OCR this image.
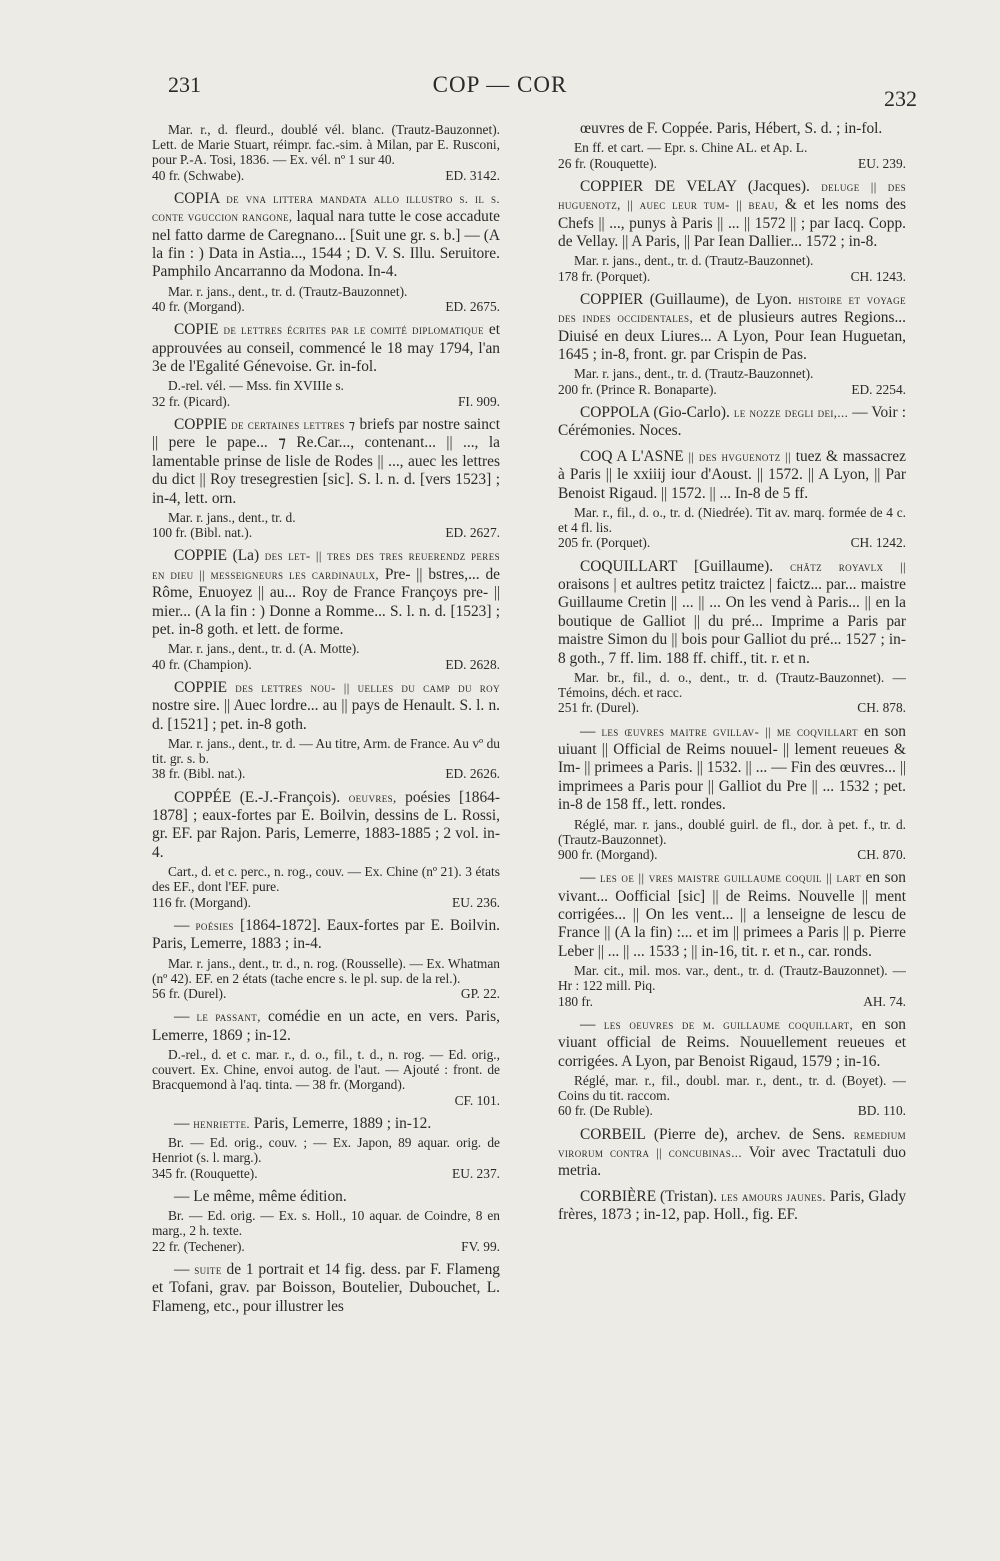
231	COP — COR
232

Mar. r., d. fleurd., doublé vél. blanc. (Trautz-Bauzonnet). Lett. de Marie Stuart, réimpr. fac.-sim. à Milan, par E. Rusconi, pour P.-A. Tosi, 1836. — Ex. vél. nº 1 sur 40.

40 fr. (Schwabe).	ED. 3142.

COPIA de vna littera mandata allo illustro s. il s. conte vguccion rangone, laqual nara tutte le cose accadute nel fatto darme de Caregnano... [Suit une gr. s. b.] — (A la fin : ) Data in Astia..., 1544 ; D. V. S. Illu. Seruitore. Pamphilo Ancarranno da Modona. In-4.

Mar. r. jans., dent., tr. d. (Trautz-Bauzonnet).

40 fr. (Morgand).	ED. 2675.

COPIE de lettres écrites par le comité diplomatique et approuvées au conseil, commencé le 18 may 1794, l'an 3e de l'Egalité Génevoise. Gr. in-fol.

D.-rel. vél. — Mss. fin XVIIIe s.

32 fr. (Picard).	FI. 909.

COPPIE de certaines lettres ⁊ briefs par nostre sainct || pere le pape... ⁊ Re.Car..., contenant... || ..., la lamentable prinse de lisle de Rodes || ..., auec les lettres du dict || Roy tresegrestien [sic]. S. l. n. d. [vers 1523] ; in-4, lett. orn.

Mar. r. jans., dent., tr. d.

100 fr. (Bibl. nat.).	ED. 2627.

COPPIE (La) des let- || tres des tres reuerendz peres en dieu || messeigneurs les cardinaulx, Pre- || bstres,... de Rôme, Enuoyez || au... Roy de France Françoys pre- || mier... (A la fin : ) Donne a Romme... S. l. n. d. [1523] ; pet. in-8 goth. et lett. de forme.

Mar. r. jans., dent., tr. d. (A. Motte).

40 fr. (Champion).	ED. 2628.

COPPIE des lettres nou- || uelles du camp du roy nostre sire. || Auec lordre... au || pays de Henault. S. l. n. d. [1521] ; pet. in-8 goth.

Mar. r. jans., dent., tr. d. — Au titre, Arm. de France. Au vº du tit. gr. s. b.

38 fr. (Bibl. nat.).	ED. 2626.

COPPÉE (E.-J.-François). oeuvres, poésies [1864-1878] ; eaux-fortes par E. Boilvin, dessins de L. Rossi, gr. EF. par Rajon. Paris, Lemerre, 1883-1885 ; 2 vol. in-4.

Cart., d. et c. perc., n. rog., couv. — Ex. Chine (nº 21). 3 états des EF., dont l'EF. pure.

116 fr. (Morgand).	EU. 236.

— poésies [1864-1872]. Eaux-fortes par E. Boilvin. Paris, Lemerre, 1883 ; in-4.

Mar. r. jans., dent., tr. d., n. rog. (Rousselle). — Ex. Whatman (nº 42). EF. en 2 états (tache encre s. le pl. sup. de la rel.).

56 fr. (Durel).	GP. 22.

— le passant, comédie en un acte, en vers. Paris, Lemerre, 1869 ; in-12.

D.-rel., d. et c. mar. r., d. o., fil., t. d., n. rog. — Ed. orig., couvert. Ex. Chine, envoi autog. de l'aut. — Ajouté : front. de Bracquemond à l'aq. tinta. — 38 fr. (Morgand).

CF. 101.

— henriette. Paris, Lemerre, 1889 ; in-12.

Br. — Ed. orig., couv. ; — Ex. Japon, 89 aquar. orig. de Henriot (s. l. marg.).

345 fr. (Rouquette).	EU. 237.

— Le même, même édition.

Br. — Ed. orig. — Ex. s. Holl., 10 aquar. de Coindre, 8 en marg., 2 h. texte.

22 fr. (Techener).	FV. 99.

— suite de 1 portrait et 14 fig. dess. par F. Flameng et Tofani, grav. par Boisson, Boutelier, Dubouchet, L. Flameng, etc., pour illustrer les

œuvres de F. Coppée. Paris, Hébert, S. d. ; in-fol.

En ff. et cart. — Epr. s. Chine AL. et Ap. L.

26 fr. (Rouquette).	EU. 239.

COPPIER DE VELAY (Jacques). deluge || des huguenotz, || auec leur tum- || beau, & et les noms des Chefs || ..., punys à Paris || ... || 1572 || ; par Iacq. Copp. de Vellay. || A Paris, || Par Iean Dallier... 1572 ; in-8.

Mar. r. jans., dent., tr. d. (Trautz-Bauzonnet).

178 fr. (Porquet).	CH. 1243.

COPPIER (Guillaume), de Lyon. histoire et voyage des indes occidentales, et de plusieurs autres Regions... Diuisé en deux Liures... A Lyon, Pour Iean Huguetan, 1645 ; in-8, front. gr. par Crispin de Pas.

Mar. r. jans., dent., tr. d. (Trautz-Bauzonnet).

200 fr. (Prince R. Bonaparte).	ED. 2254.

COPPOLA (Gio-Carlo). le nozze degli dei,... — Voir : Cérémonies. Noces.

COQ A L'ASNE || des hvguenotz || tuez & massacrez à Paris || le xxiiij iour d'Aoust. || 1572. || A Lyon, || Par Benoist Rigaud. || 1572. || ... In-8 de 5 ff.

Mar. r., fil., d. o., tr. d. (Niedrée). Tit av. marq. formée de 4 c. et 4 fl. lis.

205 fr. (Porquet).	CH. 1242.

COQUILLART [Guillaume). chãtz royavlx || oraisons | et aultres petitz traictez | faictz... par... maistre Guillaume Cretin || ... || ... On les vend à Paris... || en la boutique de Galliot || du pré... Imprime a Paris par maistre Simon du || bois pour Galliot du pré... 1527 ; in-8 goth., 7 ff. lim. 188 ff. chiff., tit. r. et n.

Mar. br., fil., d. o., dent., tr. d. (Trautz-Bauzonnet). — Témoins, déch. et racc.

251 fr. (Durel).	CH. 878.

— les œuvres maitre gvillav- || me coqvillart en son uiuant || Official de Reims nouuel- || lement reueues & Im- || primees a Paris. || 1532. || ... — Fin des œuvres... || imprimees a Paris pour || Galliot du Pre || ... 1532 ; pet. in-8 de 158 ff., lett. rondes.

Réglé, mar. r. jans., doublé guirl. de fl., dor. à pet. f., tr. d. (Trautz-Bauzonnet).

900 fr. (Morgand).	CH. 870.

— les oe || vres maistre guillaume coquil || lart en son vivant... Oofficial [sic] || de Reims. Nouvelle || ment corrigées... || On les vent... || a lenseigne de lescu de France || (A la fin) :... et im || primees a Paris || p. Pierre Leber || ... || ... 1533 ; || in-16, tit. r. et n., car. ronds.

Mar. cit., mil. mos. var., dent., tr. d. (Trautz-Bauzonnet). — Hr : 122 mill. Piq.

180 fr.	AH. 74.

— les oeuvres de m. guillaume coquillart, en son viuant official de Reims. Nouuellement reueues et corrigées. A Lyon, par Benoist Rigaud, 1579 ; in-16.

Réglé, mar. r., fil., doubl. mar. r., dent., tr. d. (Boyet). — Coins du tit. raccom.

60 fr. (De Ruble).	BD. 110.

CORBEIL (Pierre de), archev. de Sens. remedium virorum contra || concubinas... Voir avec Tractatuli duo metria.

CORBIÈRE (Tristan). les amours jaunes. Paris, Glady frères, 1873 ; in-12, pap. Holl., fig. EF.
